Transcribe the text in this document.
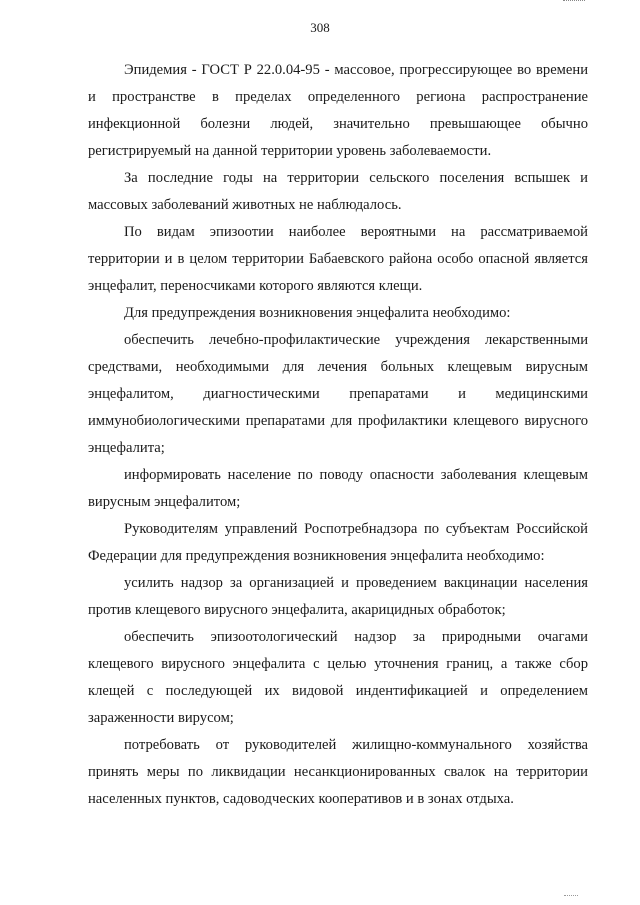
308

Эпидемия - ГОСТ Р 22.0.04-95 - массовое, прогрессирующее во времени и пространстве в пределах определенного региона распространение инфекционной болезни людей, значительно превышающее обычно регистрируемый на данной территории уровень заболеваемости.

За последние годы на территории сельского поселения вспышек и массовых заболеваний животных не наблюдалось.

По видам эпизоотии наиболее вероятными на рассматриваемой территории и в целом территории Бабаевского района особо опасной является энцефалит, переносчиками которого являются клещи.

Для предупреждения возникновения энцефалита необходимо:

обеспечить лечебно-профилактические учреждения лекарственными средствами, необходимыми для лечения больных клещевым вирусным энцефалитом, диагностическими препаратами и медицинскими иммунобиологическими препаратами для профилактики клещевого вирусного энцефалита;

информировать население по поводу опасности заболевания клещевым вирусным энцефалитом;

Руководителям управлений Роспотребнадзора по субъектам Российской Федерации для предупреждения возникновения энцефалита необходимо:

усилить надзор за организацией и проведением вакцинации населения против клещевого вирусного энцефалита, акарицидных обработок;

обеспечить эпизоотологический надзор за природными очагами клещевого вирусного энцефалита с целью уточнения границ, а также сбор клещей с последующей их видовой индентификацией и определением зараженности вирусом;

потребовать от руководителей жилищно-коммунального хозяйства принять меры по ликвидации несанкционированных свалок на территории населенных пунктов, садоводческих кооперативов и в зонах отдыха.
